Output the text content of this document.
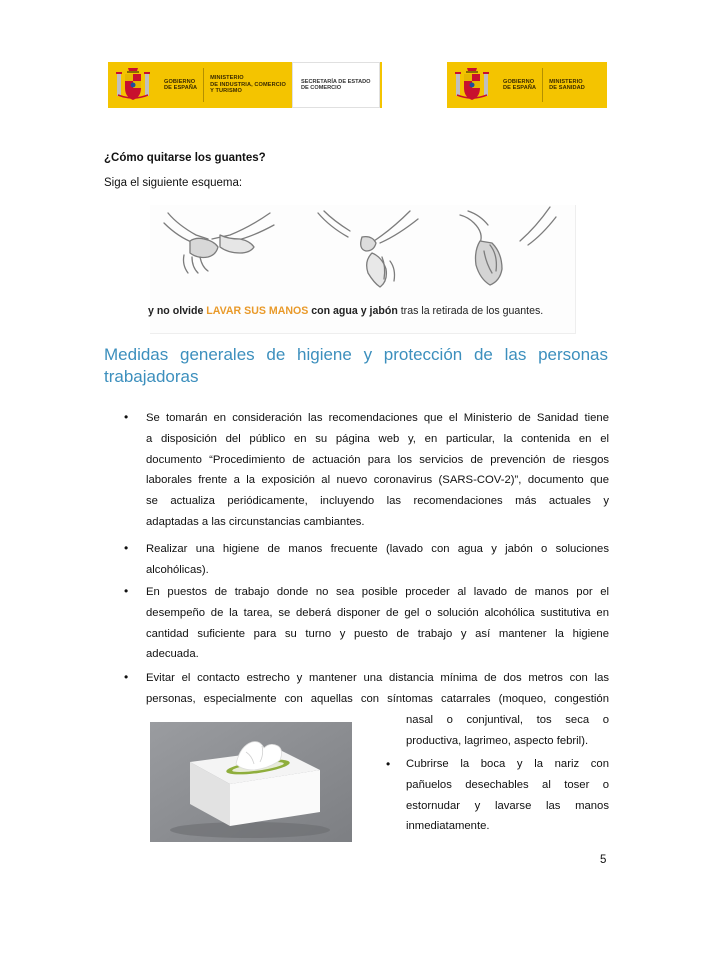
GOBIERNO
DE ESPAÑA
MINISTERIO
DE INDUSTRIA, COMERCIO
Y TURISMO
SECRETARÍA DE ESTADO
DE COMERCIO
GOBIERNO
DE ESPAÑA
MINISTERIO
DE SANIDAD
¿Cómo quitarse los guantes?
Siga el siguiente esquema:
y no olvide LAVAR SUS MANOS con agua y jabón tras la retirada de los guantes.
Medidas generales de higiene y protección de las personas
trabajadoras
• Se tomarán en consideración las recomendaciones que el Ministerio de Sanidad tiene
a disposición del público en su página web y, en particular, la contenida en el
documento “Procedimiento de actuación para los servicios de prevención de riesgos
laborales frente a la exposición al nuevo coronavirus (SARS-COV-2)”, documento que
se actualiza periódicamente, incluyendo las recomendaciones más actuales y
adaptadas a las circunstancias cambiantes.
• Realizar una higiene de manos frecuente (lavado con agua y jabón o soluciones
alcohólicas).
• En puestos de trabajo donde no sea posible proceder al lavado de manos por el
desempeño de la tarea, se deberá disponer de gel o solución alcohólica sustitutiva en
cantidad suficiente para su turno y puesto de trabajo y así mantener la higiene
adecuada.
• Evitar el contacto estrecho y mantener una distancia mínima de dos metros con las
personas, especialmente con aquellas con síntomas catarrales (moqueo, congestión
nasal o conjuntival, tos seca o
productiva, lagrimeo, aspecto febril).
• Cubrirse la boca y la nariz con
pañuelos desechables al toser o
estornudar y lavarse las manos
inmediatamente.
5
